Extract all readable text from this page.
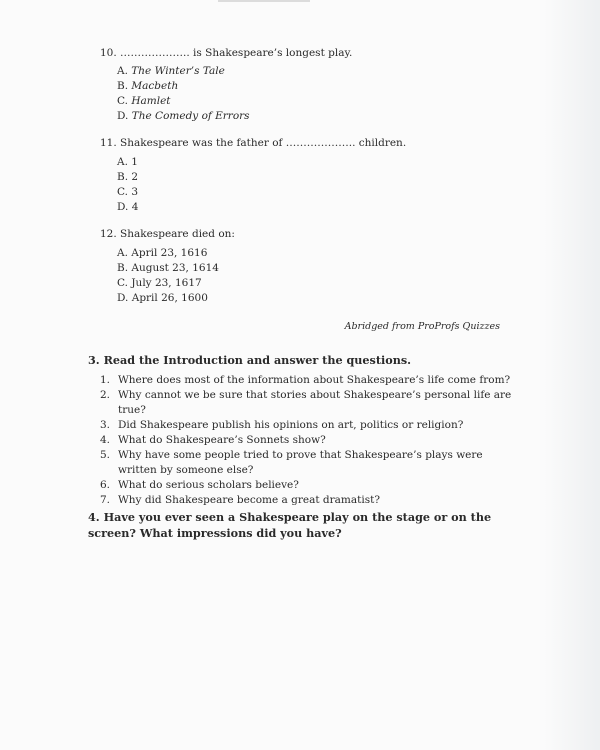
10. ……………….. is Shakespeare’s longest play.

A. The Winter’s Tale
B. Macbeth
C. Hamlet
D. The Comedy of Errors

11. Shakespeare was the father of ……………….. children.

A. 1
B. 2
C. 3
D. 4

12. Shakespeare died on:

A. April 23, 1616
B. August 23, 1614
C. July 23, 1617
D. April 26, 1600
Abridged from ProProfs Quizzes
3. Read the Introduction and answer the questions.
1. Where does most of the information about Shakespeare’s life come from?
2. Why cannot we be sure that stories about Shakespeare’s personal life are true?
3. Did Shakespeare publish his opinions on art, politics or religion?
4. What do Shakespeare’s Sonnets show?
5. Why have some people tried to prove that Shakespeare’s plays were written by someone else?
6. What do serious scholars believe?
7. Why did Shakespeare become a great dramatist?
4. Have you ever seen a Shakespeare play on the stage or on the screen? What impressions did you have?
